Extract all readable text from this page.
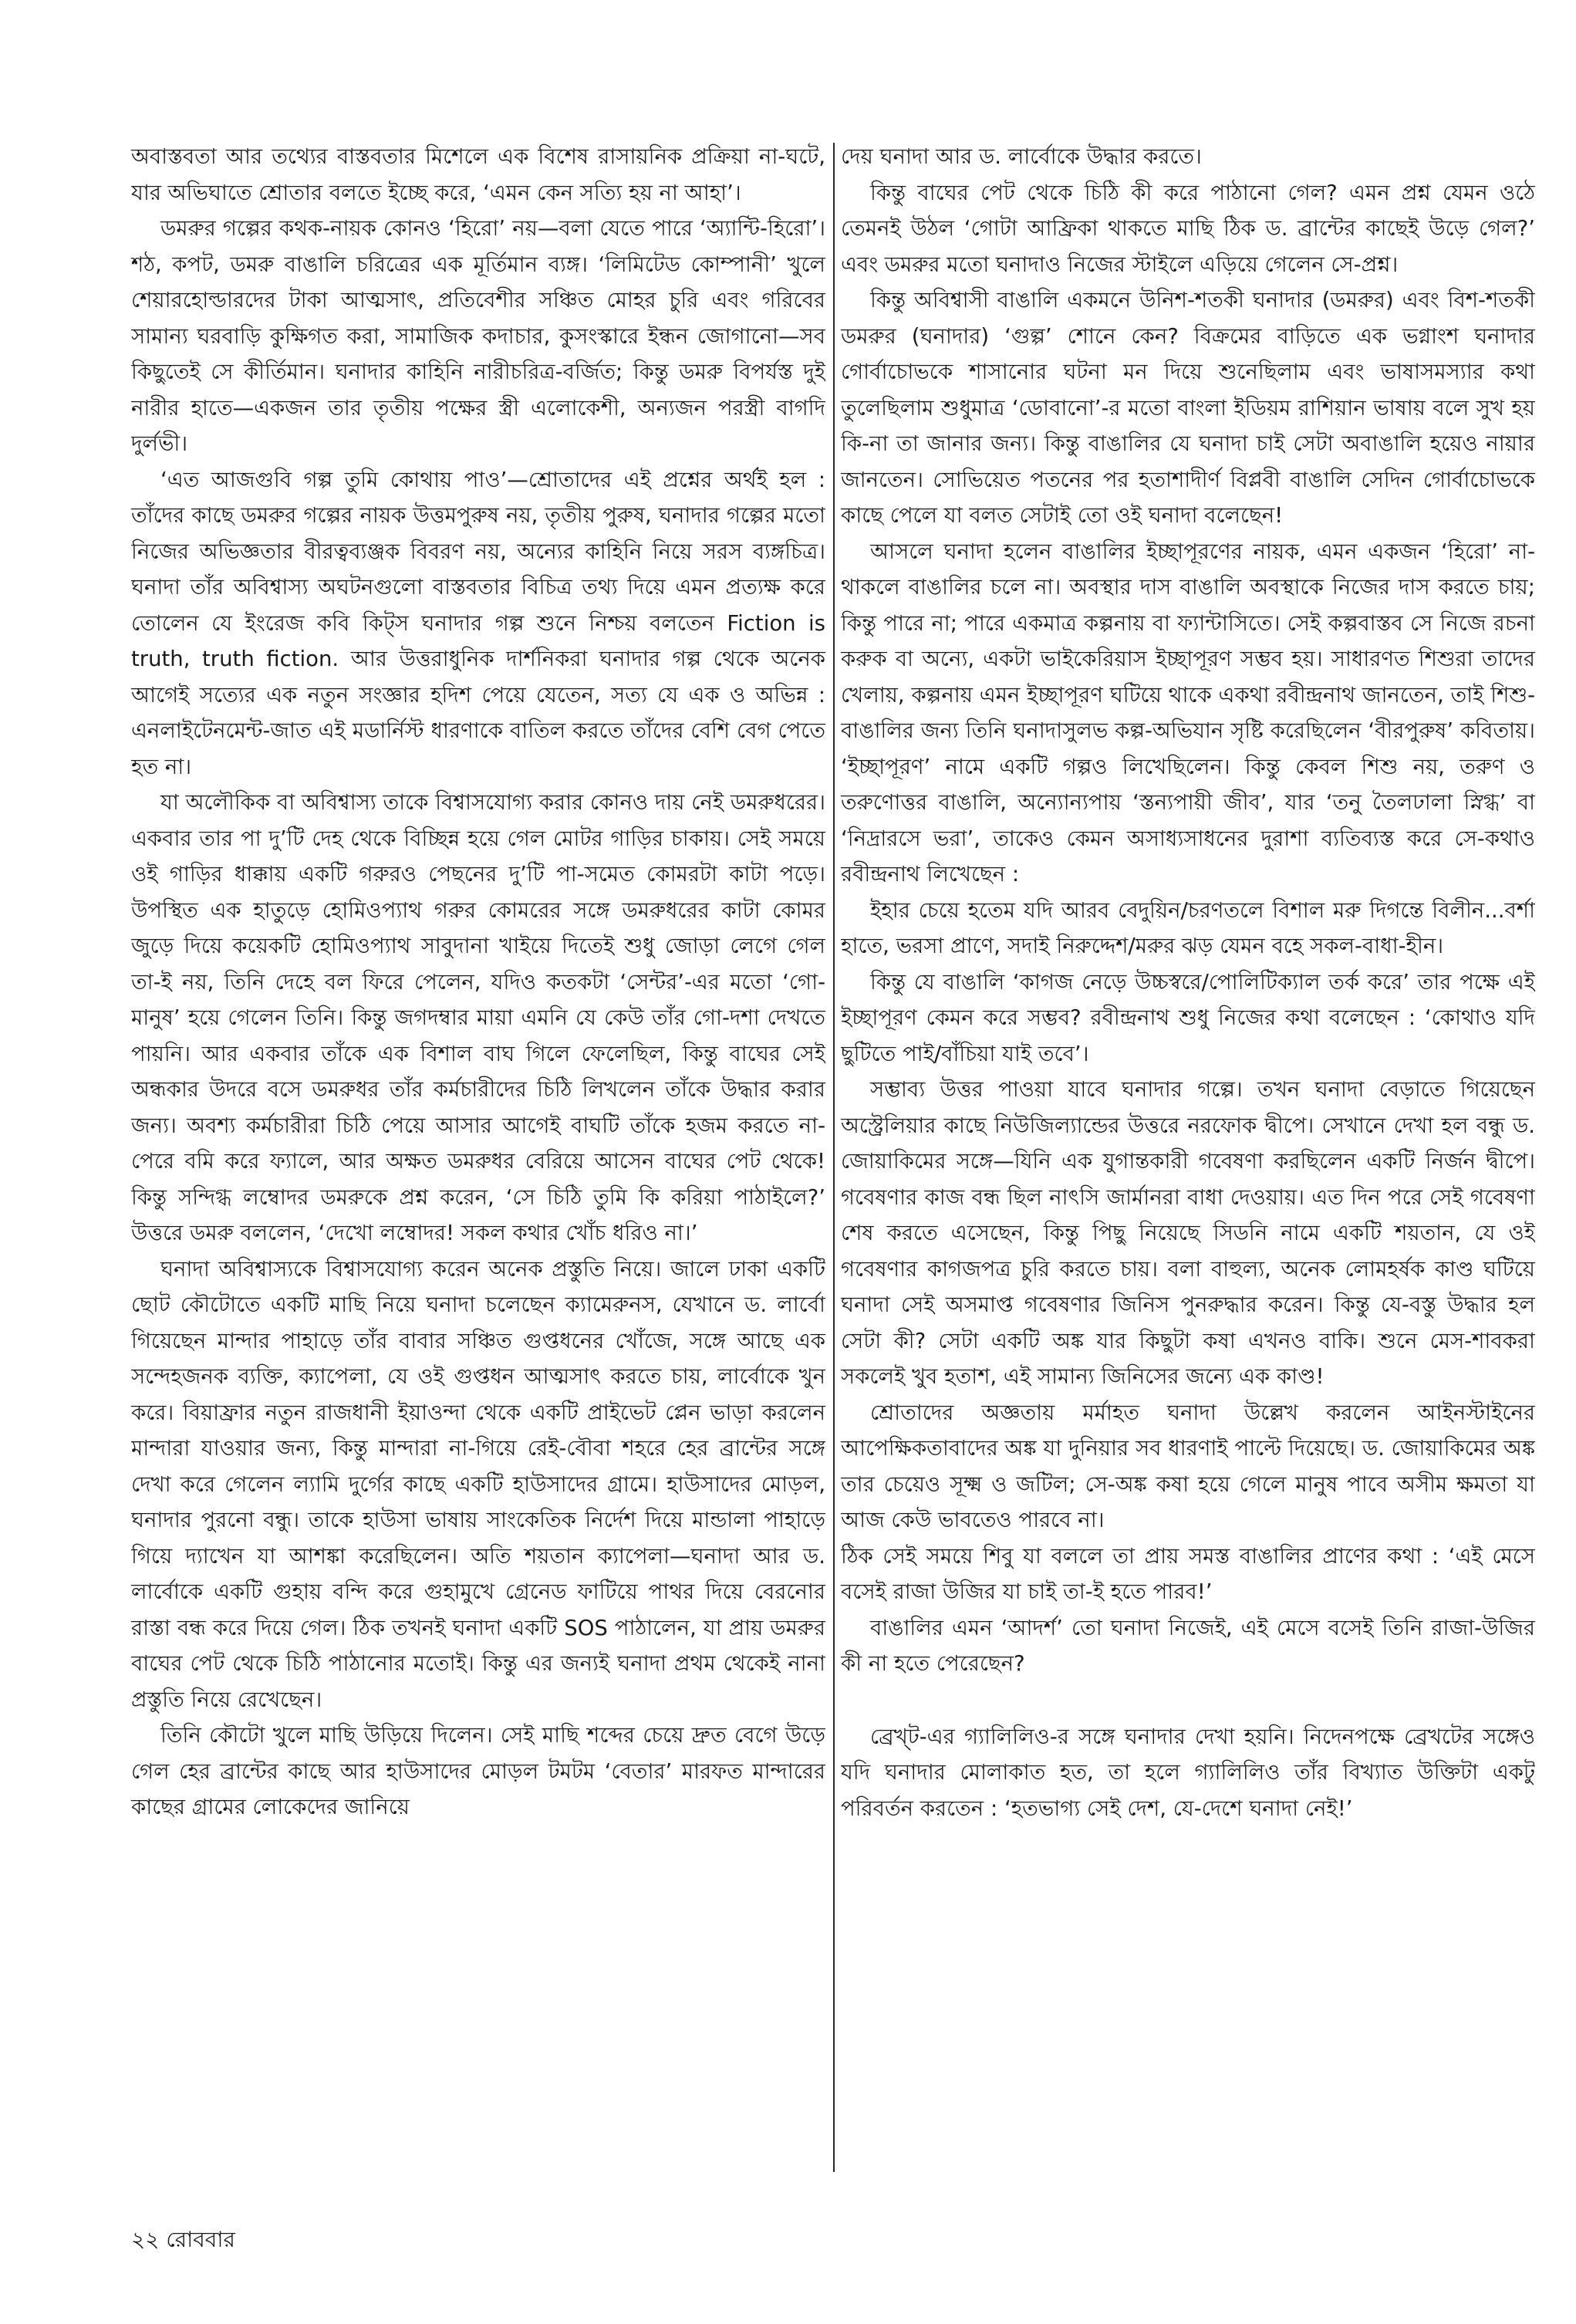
অবাস্তবতা আর তথ্যের বাস্তবতার মিশেলে এক বিশেষ রাসায়নিক প্রক্রিয়া না-ঘটে, যার অভিঘাতে শ্রোতার বলতে ইচ্ছে করে, ‘এমন কেন সত্যি হয় না আহা’।

ডমরুর গল্পের কথক-নায়ক কোনও ‘হিরো’ নয়—বলা যেতে পারে ‘অ্যান্টি-হিরো’। শঠ, কপট, ডমরু বাঙালি চরিত্রের এক মূর্তিমান ব্যঙ্গ। ‘লিমিটেড কোম্পানী’ খুলে শেয়ারহোল্ডারদের টাকা আত্মসাৎ, প্রতিবেশীর সঞ্চিত মোহর চুরি এবং গরিবের সামান্য ঘরবাড়ি কুক্ষিগত করা, সামাজিক কদাচার, কুসংস্কারে ইন্ধন জোগানো—সব কিছুতেই সে কীর্তিমান। ঘনাদার কাহিনি নারীচরিত্র-বর্জিত; কিন্তু ডমরু বিপর্যস্ত দুই নারীর হাতে—একজন তার তৃতীয় পক্ষের স্ত্রী এলোকেশী, অন্যজন পরস্ত্রী বাগদি দুর্লভী।

‘এত আজগুবি গল্প তুমি কোথায় পাও’—শ্রোতাদের এই প্রশ্নের অর্থই হল : তাঁদের কাছে ডমরুর গল্পের নায়ক উত্তমপুরুষ নয়, তৃতীয় পুরুষ, ঘনাদার গল্পের মতো নিজের অভিজ্ঞতার বীরত্বব্যঞ্জক বিবরণ নয়, অন্যের কাহিনি নিয়ে সরস ব্যঙ্গচিত্র। ঘনাদা তাঁর অবিশ্বাস্য অঘটনগুলো বাস্তবতার বিচিত্র তথ্য দিয়ে এমন প্রত্যক্ষ করে তোলেন যে ইংরেজ কবি কিট্‌স ঘনাদার গল্প শুনে নিশ্চয় বলতেন Fiction is truth, truth fiction. আর উত্তরাধুনিক দার্শনিকরা ঘনাদার গল্প থেকে অনেক আগেই সত্যের এক নতুন সংজ্ঞার হদিশ পেয়ে যেতেন, সত্য যে এক ও অভিন্ন : এনলাইটেনমেন্ট-জাত এই মডার্নিস্ট ধারণাকে বাতিল করতে তাঁদের বেশি বেগ পেতে হত না।

যা অলৌকিক বা অবিশ্বাস্য তাকে বিশ্বাসযোগ্য করার কোনও দায় নেই ডমরুধরের। একবার তার পা দু’টি দেহ থেকে বিচ্ছিন্ন হয়ে গেল মোটর গাড়ির চাকায়। সেই সময়ে ওই গাড়ির ধাক্কায় একটি গরুরও পেছনের দু’টি পা-সমেত কোমরটা কাটা পড়ে। উপস্থিত এক হাতুড়ে হোমিওপ্যাথ গরুর কোমরের সঙ্গে ডমরুধরের কাটা কোমর জুড়ে দিয়ে কয়েকটি হোমিওপ্যাথ সাবুদানা খাইয়ে দিতেই শুধু জোড়া লেগে গেল তা-ই নয়, তিনি দেহে বল ফিরে পেলেন, যদিও কতকটা ‘সেন্টর’-এর মতো ‘গো-মানুষ’ হয়ে গেলেন তিনি। কিন্তু জগদম্বার মায়া এমনি যে কেউ তাঁর গো-দশা দেখতে পায়নি। আর একবার তাঁকে এক বিশাল বাঘ গিলে ফেলেছিল, কিন্তু বাঘের সেই অন্ধকার উদরে বসে ডমরুধর তাঁর কর্মচারীদের চিঠি লিখলেন তাঁকে উদ্ধার করার জন্য। অবশ্য কর্মচারীরা চিঠি পেয়ে আসার আগেই বাঘটি তাঁকে হজম করতে না-পেরে বমি করে ফ্যালে, আর অক্ষত ডমরুধর বেরিয়ে আসেন বাঘের পেট থেকে! কিন্তু সন্দিগ্ধ লম্বোদর ডমরুকে প্রশ্ন করেন, ‘সে চিঠি তুমি কি করিয়া পাঠাইলে?’ উত্তরে ডমরু বললেন, ‘দেখো লম্বোদর! সকল কথার খোঁচ ধরিও না।’

ঘনাদা অবিশ্বাস্যকে বিশ্বাসযোগ্য করেন অনেক প্রস্তুতি নিয়ে। জালে ঢাকা একটি ছোট কৌটোতে একটি মাছি নিয়ে ঘনাদা চলেছেন ক্যামেরুনস, যেখানে ড. লার্বো গিয়েছেন মান্দার পাহাড়ে তাঁর বাবার সঞ্চিত গুপ্তধনের খোঁজে, সঙ্গে আছে এক সন্দেহজনক ব্যক্তি, ক্যাপেলা, যে ওই গুপ্তধন আত্মসাৎ করতে চায়, লার্বোকে খুন করে। বিয়াফ্রার নতুন রাজধানী ইয়াওন্দা থেকে একটি প্রাইভেট প্লেন ভাড়া করলেন মান্দারা যাওয়ার জন্য, কিন্তু মান্দারা না-গিয়ে রেই-বৌবা শহরে হের ব্রান্টের সঙ্গে দেখা করে গেলেন ল্যামি দুর্গের কাছে একটি হাউসাদের গ্রামে। হাউসাদের মোড়ল, ঘনাদার পুরনো বন্ধু। তাকে হাউসা ভাষায় সাংকেতিক নির্দেশ দিয়ে মান্ডালা পাহাড়ে গিয়ে দ্যাখেন যা আশঙ্কা করেছিলেন। অতি শয়তান ক্যাপেলা—ঘনাদা আর ড. লার্বোকে একটি গুহায় বন্দি করে গুহামুখে গ্রেনেড ফাটিয়ে পাথর দিয়ে বেরনোর রাস্তা বন্ধ করে দিয়ে গেল। ঠিক তখনই ঘনাদা একটি SOS পাঠালেন, যা প্রায় ডমরুর বাঘের পেট থেকে চিঠি পাঠানোর মতোই। কিন্তু এর জন্যই ঘনাদা প্রথম থেকেই নানা প্রস্তুতি নিয়ে রেখেছেন।

তিনি কৌটো খুলে মাছি উড়িয়ে দিলেন। সেই মাছি শব্দের চেয়ে দ্রুত বেগে উড়ে গেল হের ব্রান্টের কাছে আর হাউসাদের মোড়ল টমটম ‘বেতার’ মারফত মান্দারের কাছের গ্রামের লোকেদের জানিয়ে

দেয় ঘনাদা আর ড. লার্বোকে উদ্ধার করতে।

কিন্তু বাঘের পেট থেকে চিঠি কী করে পাঠানো গেল? এমন প্রশ্ন যেমন ওঠে তেমনই উঠল ‘গোটা আফ্রিকা থাকতে মাছি ঠিক ড. ব্রান্টের কাছেই উড়ে গেল?’ এবং ডমরুর মতো ঘনাদাও নিজের স্টাইলে এড়িয়ে গেলেন সে-প্রশ্ন।

কিন্তু অবিশ্বাসী বাঙালি একমনে উনিশ-শতকী ঘনাদার (ডমরুর) এবং বিশ-শতকী ডমরুর (ঘনাদার) ‘গুল্প’ শোনে কেন? বিক্রমের বাড়িতে এক ভগ্নাংশ ঘনাদার গোর্বাচোভকে শাসানোর ঘটনা মন দিয়ে শুনেছিলাম এবং ভাষাসমস্যার কথা তুলেছিলাম শুধুমাত্র ‘ডোবানো’-র মতো বাংলা ইডিয়ম রাশিয়ান ভাষায় বলে সুখ হয় কি-না তা জানার জন্য। কিন্তু বাঙালির যে ঘনাদা চাই সেটা অবাঙালি হয়েও নায়ার জানতেন। সোভিয়েত পতনের পর হতাশাদীর্ণ বিপ্লবী বাঙালি সেদিন গোর্বাচোভকে কাছে পেলে যা বলত সেটাই তো ওই ঘনাদা বলেছেন!

আসলে ঘনাদা হলেন বাঙালির ইচ্ছাপূরণের নায়ক, এমন একজন ‘হিরো’ না-থাকলে বাঙালির চলে না। অবস্থার দাস বাঙালি অবস্থাকে নিজের দাস করতে চায়; কিন্তু পারে না; পারে একমাত্র কল্পনায় বা ফ্যান্টাসিতে। সেই কল্পবাস্তব সে নিজে রচনা করুক বা অন্যে, একটা ভাইকেরিয়াস ইচ্ছাপূরণ সম্ভব হয়। সাধারণত শিশুরা তাদের খেলায়, কল্পনায় এমন ইচ্ছাপূরণ ঘটিয়ে থাকে একথা রবীন্দ্রনাথ জানতেন, তাই শিশু-বাঙালির জন্য তিনি ঘনাদাসুলভ কল্প-অভিযান সৃষ্টি করেছিলেন ‘বীরপুরুষ’ কবিতায়। ‘ইচ্ছাপূরণ’ নামে একটি গল্পও লিখেছিলেন। কিন্তু কেবল শিশু নয়, তরুণ ও তরুণোত্তর বাঙালি, অন্যোন্যপায় ‘স্তন্যপায়ী জীব’, যার ‘তনু তৈলঢালা স্নিগ্ধ’ বা ‘নিদ্রারসে ভরা’, তাকেও কেমন অসাধ্যসাধনের দুরাশা ব্যতিব্যস্ত করে সে-কথাও রবীন্দ্রনাথ লিখেছেন :

ইহার চেয়ে হতেম যদি আরব বেদুয়িন/চরণতলে বিশাল মরু দিগন্তে বিলীন...বর্শা হাতে, ভরসা প্রাণে, সদাই নিরুদ্দেশ/মরুর ঝড় যেমন বহে সকল-বাধা-হীন।

কিন্তু যে বাঙালি ‘কাগজ নেড়ে উচ্চস্বরে/পোলিটিক্যাল তর্ক করে’ তার পক্ষে এই ইচ্ছাপূরণ কেমন করে সম্ভব? রবীন্দ্রনাথ শুধু নিজের কথা বলেছেন : ‘কোথাও যদি ছুটিতে পাই/বাঁচিয়া যাই তবে’।

সম্ভাব্য উত্তর পাওয়া যাবে ঘনাদার গল্পে। তখন ঘনাদা বেড়াতে গিয়েছেন অস্ট্রেলিয়ার কাছে নিউজিল্যান্ডের উত্তরে নরফোক দ্বীপে। সেখানে দেখা হল বন্ধু ড. জোয়াকিমের সঙ্গে—যিনি এক যুগান্তকারী গবেষণা করছিলেন একটি নির্জন দ্বীপে। গবেষণার কাজ বন্ধ ছিল নাৎসি জার্মানরা বাধা দেওয়ায়। এত দিন পরে সেই গবেষণা শেষ করতে এসেছেন, কিন্তু পিছু নিয়েছে সিডনি নামে একটি শয়তান, যে ওই গবেষণার কাগজপত্র চুরি করতে চায়। বলা বাহুল্য, অনেক লোমহর্ষক কাণ্ড ঘটিয়ে ঘনাদা সেই অসমাপ্ত গবেষণার জিনিস পুনরুদ্ধার করেন। কিন্তু যে-বস্তু উদ্ধার হল সেটা কী? সেটা একটি অঙ্ক যার কিছুটা কষা এখনও বাকি। শুনে মেস-শাবকরা সকলেই খুব হতাশ, এই সামান্য জিনিসের জন্যে এক কাণ্ড!

শ্রোতাদের অজ্ঞতায় মর্মাহত ঘনাদা উল্লেখ করলেন আইনস্টাইনের আপেক্ষিকতাবাদের অঙ্ক যা দুনিয়ার সব ধারণাই পাল্টে দিয়েছে। ড. জোয়াকিমের অঙ্ক তার চেয়েও সূক্ষ্ম ও জটিল; সে-অঙ্ক কষা হয়ে গেলে মানুষ পাবে অসীম ক্ষমতা যা আজ কেউ ভাবতেও পারবে না।

ঠিক সেই সময়ে শিবু যা বললে তা প্রায় সমস্ত বাঙালির প্রাণের কথা : ‘এই মেসে বসেই রাজা উজির যা চাই তা-ই হতে পারব!’

বাঙালির এমন ‘আদর্শ’ তো ঘনাদা নিজেই, এই মেসে বসেই তিনি রাজা-উজির কী না হতে পেরেছেন?

ব্রেখ্‌ট-এর গ্যালিলিও-র সঙ্গে ঘনাদার দেখা হয়নি। নিদেনপক্ষে ব্রেখটের সঙ্গেও যদি ঘনাদার মোলাকাত হত, তা হলে গ্যালিলিও তাঁর বিখ্যাত উক্তিটা একটু পরিবর্তন করতেন : ‘হতভাগ্য সেই দেশ, যে-দেশে ঘনাদা নেই!’

২২ রোববার
